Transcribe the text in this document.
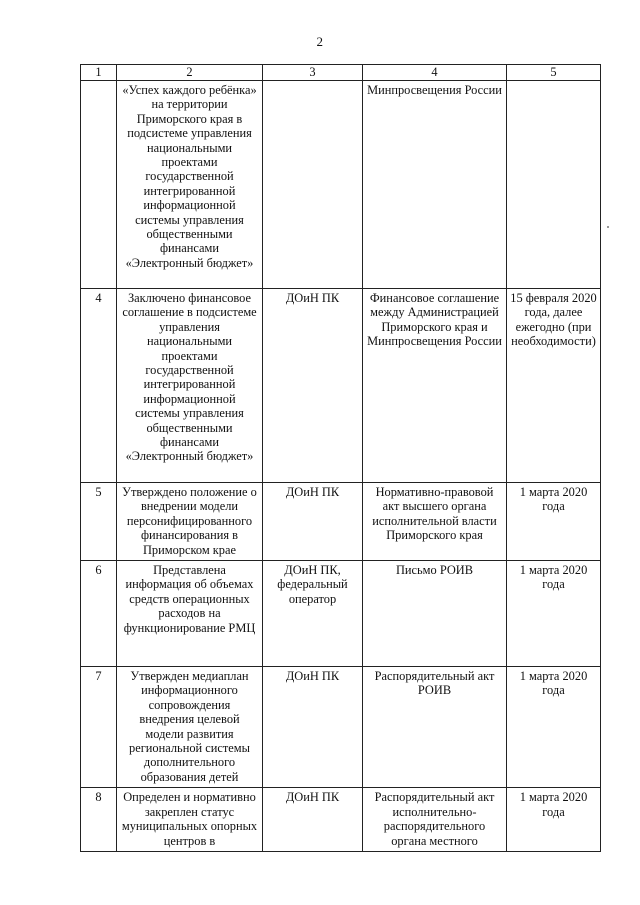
2
1	2	3	4	5
	«Успех каждого ребёнка» на территории Приморского края в подсистеме управления национальными проектами государственной интегрированной информационной системы управления общественными финансами «Электронный бюджет»		Минпросвещения России	
4	Заключено финансовое соглашение в подсистеме управления национальными проектами государственной интегрированной информационной системы управления общественными финансами «Электронный бюджет»	ДОиН ПК	Финансовое соглашение между Администрацией Приморского края и Минпросвещения России	15 февраля 2020 года, далее ежегодно (при необходимости)
5	Утверждено положение о внедрении модели персонифицированного финансирования в Приморском крае	ДОиН ПК	Нормативно-правовой акт высшего органа исполнительной власти Приморского края	1 марта 2020 года
6	Представлена информация об объемах средств операционных расходов на функционирование РМЦ	ДОиН ПК, федеральный оператор	Письмо РОИВ	1 марта 2020 года
7	Утвержден медиаплан информационного сопровождения внедрения целевой модели развития региональной системы дополнительного образования детей	ДОиН ПК	Распорядительный акт РОИВ	1 марта 2020 года
8	Определен и нормативно закреплен статус муниципальных опорных центров в	ДОиН ПК	Распорядительный акт исполнительно-распорядительного органа местного	1 марта 2020 года
